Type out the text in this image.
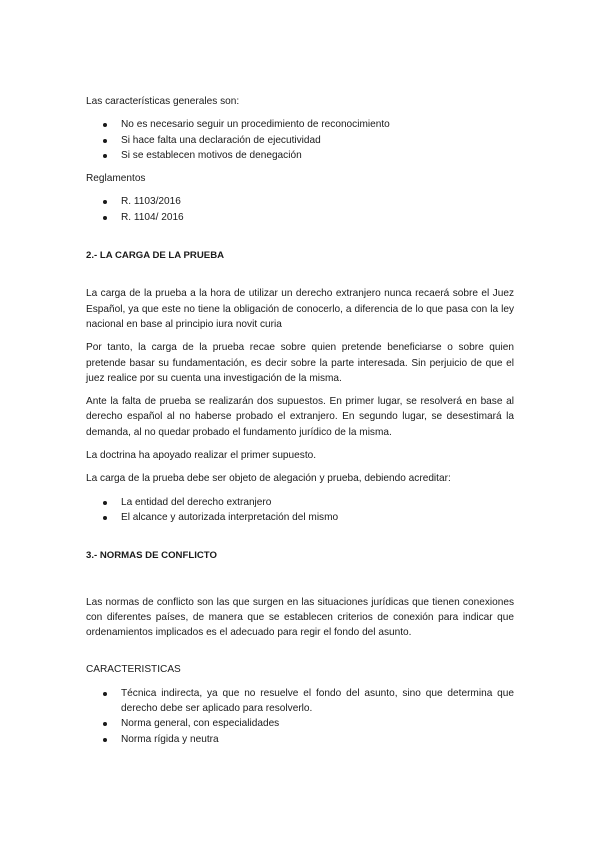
Las características generales son:

No es necesario seguir un procedimiento de reconocimiento
Si hace falta una declaración de ejecutividad
Si se establecen motivos de denegación

Reglamentos

R. 1103/2016
R. 1104/ 2016

2.- LA CARGA DE LA PRUEBA

La carga de la prueba a la hora de utilizar un derecho extranjero nunca recaerá sobre el Juez Español, ya que este no tiene la obligación de conocerlo, a diferencia de lo que pasa con la ley nacional en base al principio iura novit curia

Por tanto, la carga de la prueba recae sobre quien pretende beneficiarse o sobre quien pretende basar su fundamentación, es decir sobre la parte interesada. Sin perjuicio de que el juez realice por su cuenta una investigación de la misma.

Ante la falta de prueba se realizarán dos supuestos. En primer lugar, se resolverá en base al derecho español al no haberse probado el extranjero. En segundo lugar, se desestimará la demanda, al no quedar probado el fundamento jurídico de la misma.

La doctrina ha apoyado realizar el primer supuesto.

La carga de la prueba debe ser objeto de alegación y prueba, debiendo acreditar:

La entidad del derecho extranjero
El alcance y autorizada interpretación del mismo

3.- NORMAS DE CONFLICTO

Las normas de conflicto son las que surgen en las situaciones jurídicas que tienen conexiones con diferentes países, de manera que se establecen criterios de conexión para indicar que ordenamientos implicados es el adecuado para regir el fondo del asunto.

CARACTERISTICAS

Técnica indirecta, ya que no resuelve el fondo del asunto, sino que determina que derecho debe ser aplicado para resolverlo.
Norma general, con especialidades
Norma rígida y neutra
